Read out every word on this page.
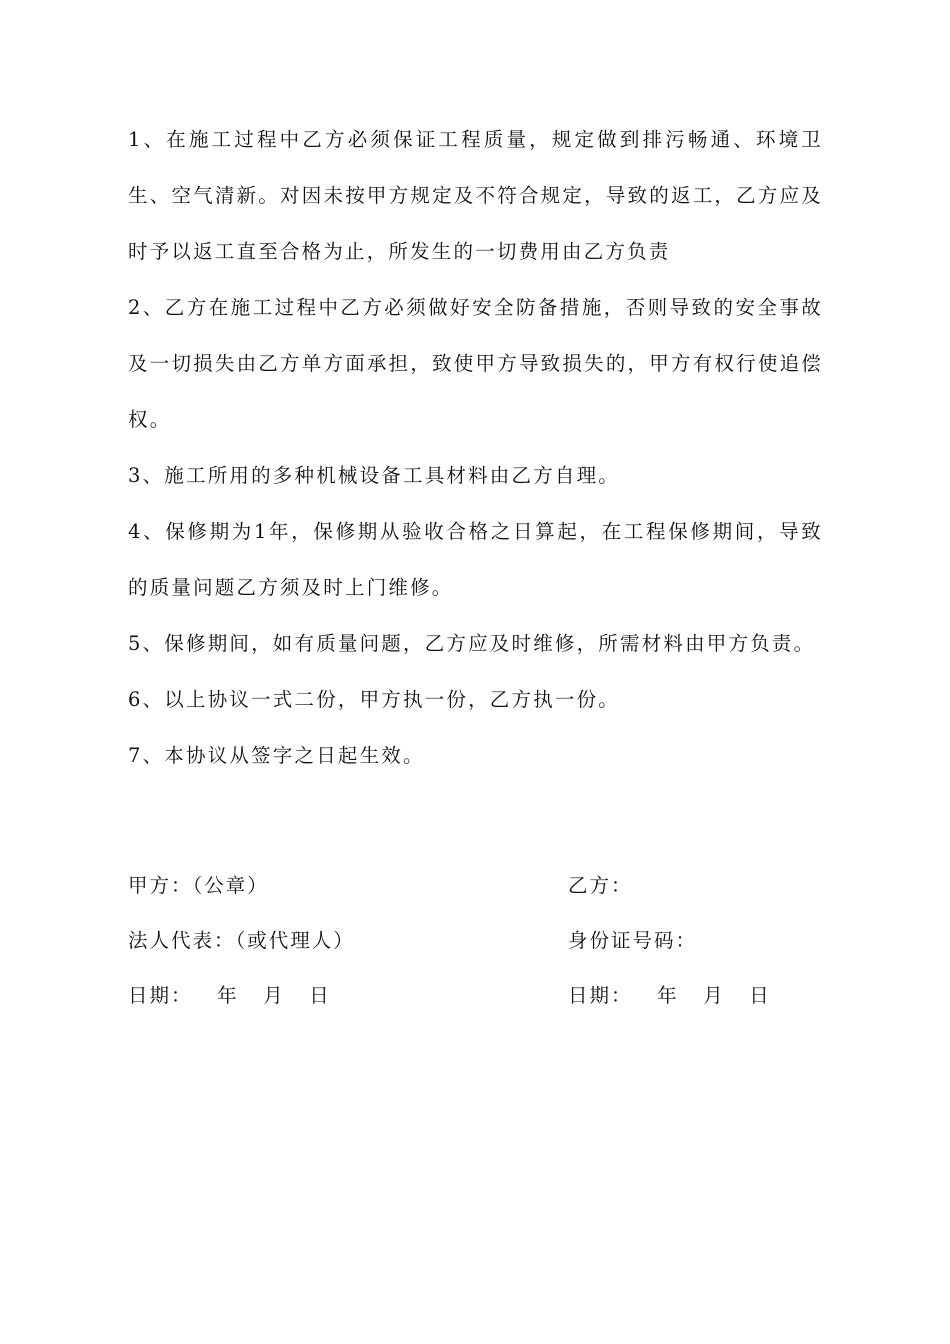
1、在施工过程中乙方必须保证工程质量，规定做到排污畅通、环境卫生、空气清新。对因未按甲方规定及不符合规定，导致的返工，乙方应及时予以返工直至合格为止，所发生的一切费用由乙方负责

2、乙方在施工过程中乙方必须做好安全防备措施，否则导致的安全事故及一切损失由乙方单方面承担，致使甲方导致损失的，甲方有权行使追偿权。

3、施工所用的多种机械设备工具材料由乙方自理。

4、保修期为1年，保修期从验收合格之日算起，在工程保修期间，导致的质量问题乙方须及时上门维修。

5、保修期间，如有质量问题，乙方应及时维修，所需材料由甲方负责。

6、以上协议一式二份，甲方执一份，乙方执一份。

7、本协议从签字之日起生效。

甲方：（公章）	乙方：

法人代表：（或代理人）	身份证号码：

日期：   年   月   日	日期：   年   月   日
